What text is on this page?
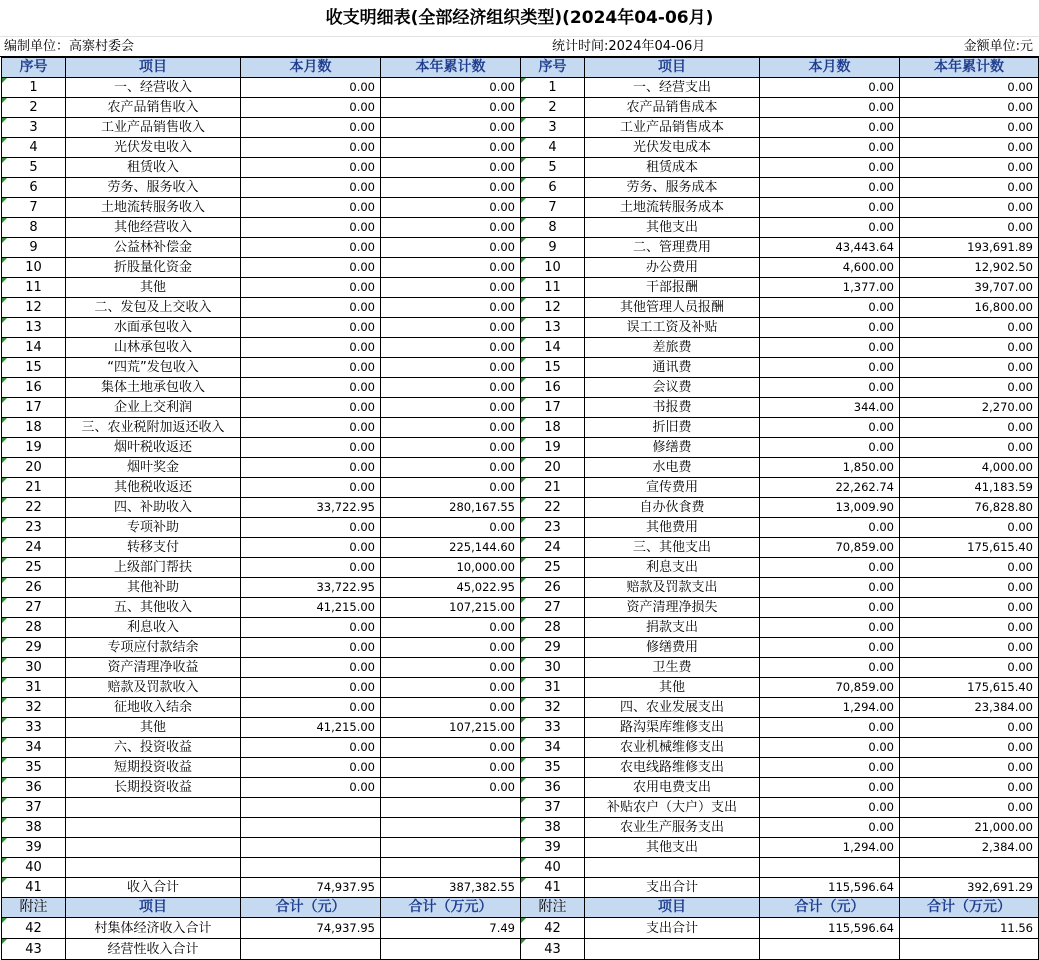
收支明细表(全部经济组织类型)(2024年04-06月)
编制单位：高寨村委会	统计时间:2024年04-06月	金额单位:元
序号	项目	本月数	本年累计数	序号	项目	本月数	本年累计数
1	一、经营收入	0.00	0.00	1	一、经营支出	0.00	0.00
2	农产品销售收入	0.00	0.00	2	农产品销售成本	0.00	0.00
3	工业产品销售收入	0.00	0.00	3	工业产品销售成本	0.00	0.00
4	光伏发电收入	0.00	0.00	4	光伏发电成本	0.00	0.00
5	租赁收入	0.00	0.00	5	租赁成本	0.00	0.00
6	劳务、服务收入	0.00	0.00	6	劳务、服务成本	0.00	0.00
7	土地流转服务收入	0.00	0.00	7	土地流转服务成本	0.00	0.00
8	其他经营收入	0.00	0.00	8	其他支出	0.00	0.00
9	公益林补偿金	0.00	0.00	9	二、管理费用	43,443.64	193,691.89
10	折股量化资金	0.00	0.00	10	办公费用	4,600.00	12,902.50
11	其他	0.00	0.00	11	干部报酬	1,377.00	39,707.00
12	二、发包及上交收入	0.00	0.00	12	其他管理人员报酬	0.00	16,800.00
13	水面承包收入	0.00	0.00	13	误工工资及补贴	0.00	0.00
14	山林承包收入	0.00	0.00	14	差旅费	0.00	0.00
15	“四荒”发包收入	0.00	0.00	15	通讯费	0.00	0.00
16	集体土地承包收入	0.00	0.00	16	会议费	0.00	0.00
17	企业上交利润	0.00	0.00	17	书报费	344.00	2,270.00
18	三、农业税附加返还收入	0.00	0.00	18	折旧费	0.00	0.00
19	烟叶税收返还	0.00	0.00	19	修缮费	0.00	0.00
20	烟叶奖金	0.00	0.00	20	水电费	1,850.00	4,000.00
21	其他税收返还	0.00	0.00	21	宣传费用	22,262.74	41,183.59
22	四、补助收入	33,722.95	280,167.55	22	自办伙食费	13,009.90	76,828.80
23	专项补助	0.00	0.00	23	其他费用	0.00	0.00
24	转移支付	0.00	225,144.60	24	三、其他支出	70,859.00	175,615.40
25	上级部门帮扶	0.00	10,000.00	25	利息支出	0.00	0.00
26	其他补助	33,722.95	45,022.95	26	赔款及罚款支出	0.00	0.00
27	五、其他收入	41,215.00	107,215.00	27	资产清理净损失	0.00	0.00
28	利息收入	0.00	0.00	28	捐款支出	0.00	0.00
29	专项应付款结余	0.00	0.00	29	修缮费用	0.00	0.00
30	资产清理净收益	0.00	0.00	30	卫生费	0.00	0.00
31	赔款及罚款收入	0.00	0.00	31	其他	70,859.00	175,615.40
32	征地收入结余	0.00	0.00	32	四、农业发展支出	1,294.00	23,384.00
33	其他	41,215.00	107,215.00	33	路沟渠库维修支出	0.00	0.00
34	六、投资收益	0.00	0.00	34	农业机械维修支出	0.00	0.00
35	短期投资收益	0.00	0.00	35	农电线路维修支出	0.00	0.00
36	长期投资收益	0.00	0.00	36	农用电费支出	0.00	0.00
37				37	补贴农户（大户）支出	0.00	0.00
38				38	农业生产服务支出	0.00	21,000.00
39				39	其他支出	1,294.00	2,384.00
40				40			
41	收入合计	74,937.95	387,382.55	41	支出合计	115,596.64	392,691.29
附注	项目	合计（元）	合计（万元）	附注	项目	合计（元）	合计（万元）
42	村集体经济收入合计	74,937.95	7.49	42	支出合计	115,596.64	11.56
43	经营性收入合计			43			
